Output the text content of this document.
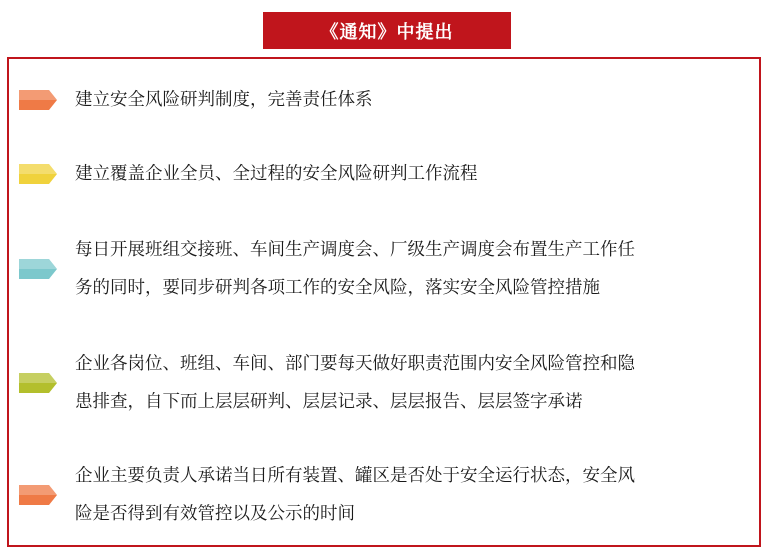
《通知》中提出
建立安全风险研判制度，完善责任体系
建立覆盖企业全员、全过程的安全风险研判工作流程
每日开展班组交接班、车间生产调度会、厂级生产调度会布置生产工作任
务的同时，要同步研判各项工作的安全风险，落实安全风险管控措施
企业各岗位、班组、车间、部门要每天做好职责范围内安全风险管控和隐
患排查，自下而上层层研判、层层记录、层层报告、层层签字承诺
企业主要负责人承诺当日所有装置、罐区是否处于安全运行状态，安全风
险是否得到有效管控以及公示的时间
